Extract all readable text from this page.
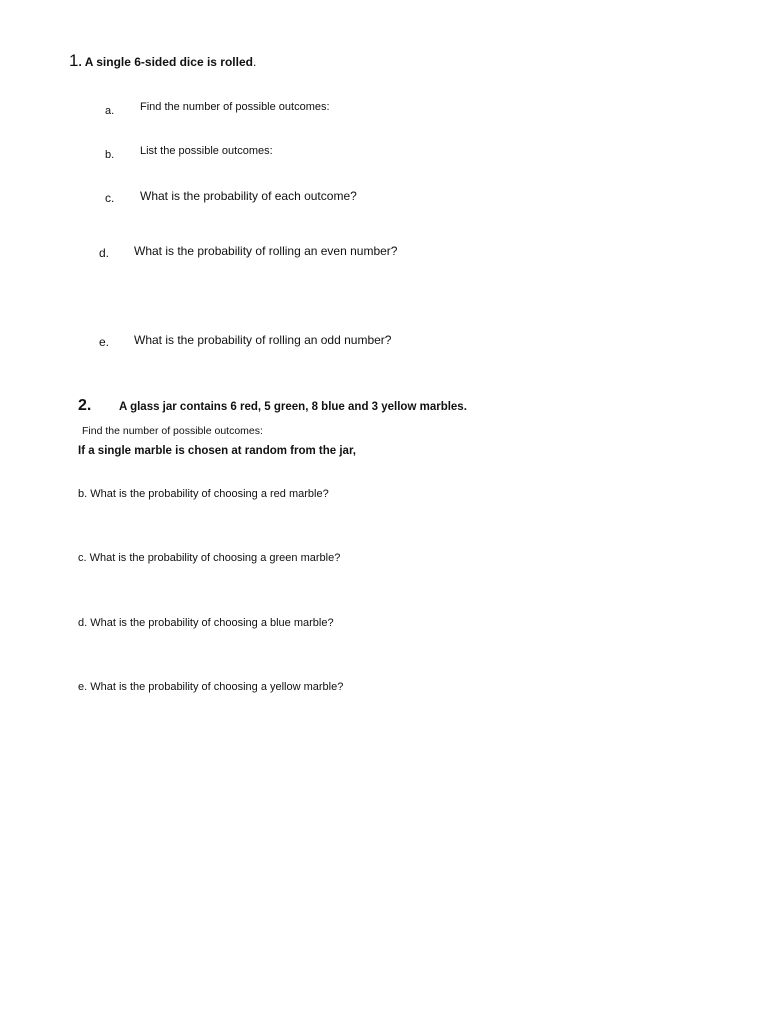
1. A single 6-sided dice is rolled.
a. Find the number of possible outcomes:
b. List the possible outcomes:
c. What is the probability of each outcome?
d. What is the probability of rolling an even number?
e. What is the probability of rolling an odd number?
2. A glass jar contains 6 red, 5 green, 8 blue and 3 yellow marbles.
Find the number of possible outcomes:
If a single marble is chosen at random from the jar,
b. What is the probability of choosing a red marble?
c. What is the probability of choosing a green marble?
d. What is the probability of choosing a blue marble?
e. What is the probability of choosing a yellow marble?
